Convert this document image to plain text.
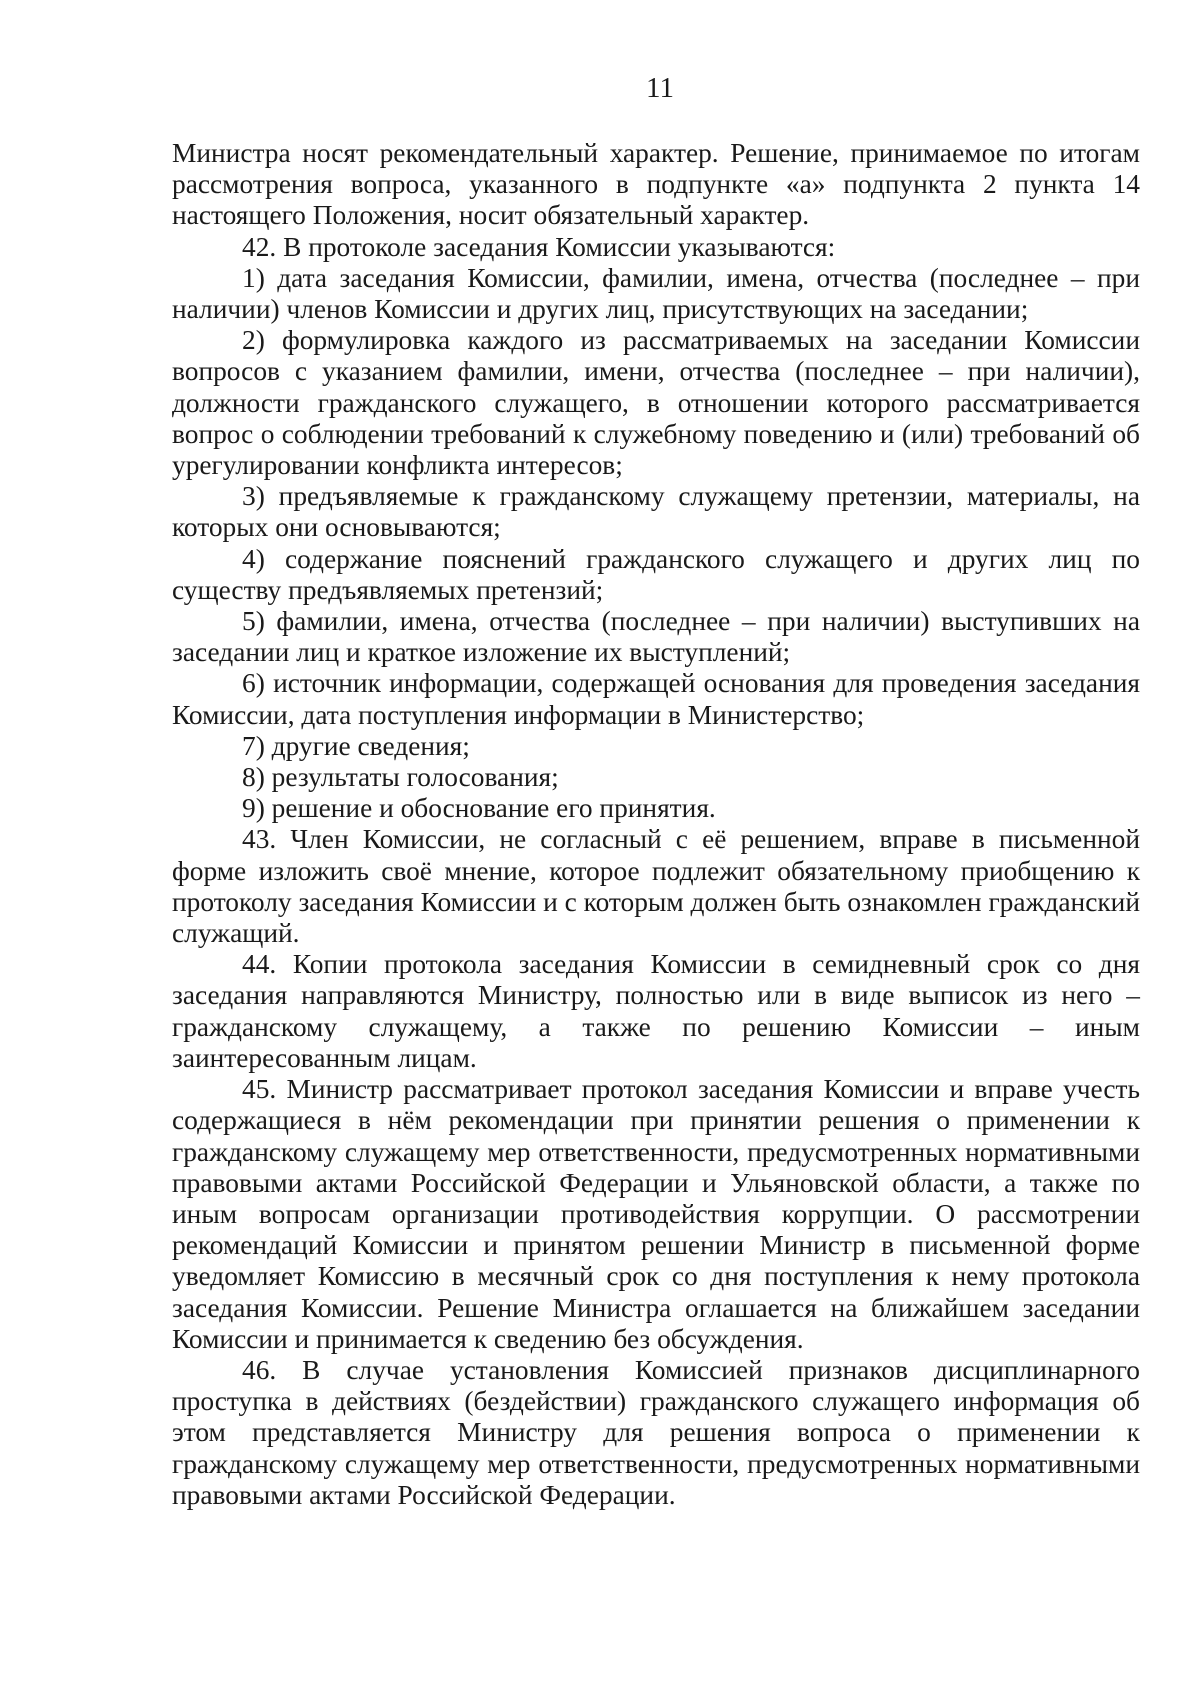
11

Министра носят рекомендательный характер. Решение, принимаемое по итогам рассмотрения вопроса, указанного в подпункте «а» подпункта 2 пункта 14 настоящего Положения, носит обязательный характер.

42. В протоколе заседания Комиссии указываются:

1) дата заседания Комиссии, фамилии, имена, отчества (последнее – при наличии) членов Комиссии и других лиц, присутствующих на заседании;

2) формулировка каждого из рассматриваемых на заседании Комиссии вопросов с указанием фамилии, имени, отчества (последнее – при наличии), должности гражданского служащего, в отношении которого рассматривается вопрос о соблюдении требований к служебному поведению и (или) требований об урегулировании конфликта интересов;

3) предъявляемые к гражданскому служащему претензии, материалы, на которых они основываются;

4) содержание пояснений гражданского служащего и других лиц по существу предъявляемых претензий;

5) фамилии, имена, отчества (последнее – при наличии) выступивших на заседании лиц и краткое изложение их выступлений;

6) источник информации, содержащей основания для проведения заседания Комиссии, дата поступления информации в Министерство;

7) другие сведения;

8) результаты голосования;

9) решение и обоснование его принятия.

43. Член Комиссии, не согласный с её решением, вправе в письменной форме изложить своё мнение, которое подлежит обязательному приобщению к протоколу заседания Комиссии и с которым должен быть ознакомлен гражданский служащий.

44. Копии протокола заседания Комиссии в семидневный срок со дня заседания направляются Министру, полностью или в виде выписок из него – гражданскому служащему, а также по решению Комиссии – иным заинтересованным лицам.

45. Министр рассматривает протокол заседания Комиссии и вправе учесть содержащиеся в нём рекомендации при принятии решения о применении к гражданскому служащему мер ответственности, предусмотренных нормативными правовыми актами Российской Федерации и Ульяновской области, а также по иным вопросам организации противодействия коррупции. О рассмотрении рекомендаций Комиссии и принятом решении Министр в письменной форме уведомляет Комиссию в месячный срок со дня поступления к нему протокола заседания Комиссии. Решение Министра оглашается на ближайшем заседании Комиссии и принимается к сведению без обсуждения.

46. В случае установления Комиссией признаков дисциплинарного проступка в действиях (бездействии) гражданского служащего информация об этом представляется Министру для решения вопроса о применении к гражданскому служащему мер ответственности, предусмотренных нормативными правовыми актами Российской Федерации.
